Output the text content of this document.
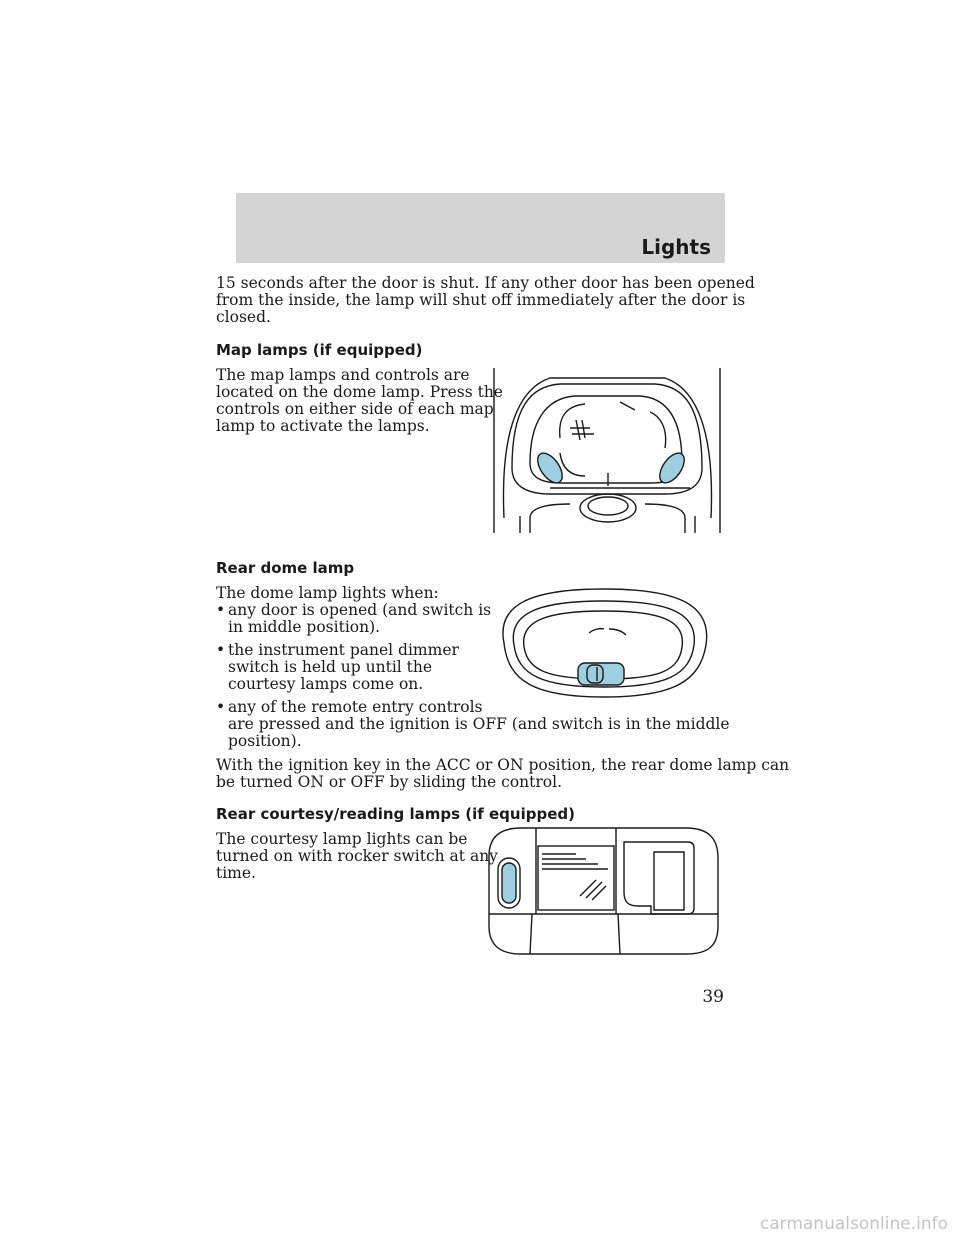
Lights
15 seconds after the door is shut. If any other door has been opened
from the inside, the lamp will shut off immediately after the door is
closed.
Map lamps (if equipped)
The map lamps and controls are
located on the dome lamp. Press the
controls on either side of each map
lamp to activate the lamps.
Rear dome lamp
The dome lamp lights when:
• any door is opened (and switch is
in middle position).
• the instrument panel dimmer
switch is held up until the
courtesy lamps come on.
• any of the remote entry controls
are pressed and the ignition is OFF (and switch is in the middle
position).
With the ignition key in the ACC or ON position, the rear dome lamp can
be turned ON or OFF by sliding the control.
Rear courtesy/reading lamps (if equipped)
The courtesy lamp lights can be
turned on with rocker switch at any
time.
39
carmanualsonline.info
